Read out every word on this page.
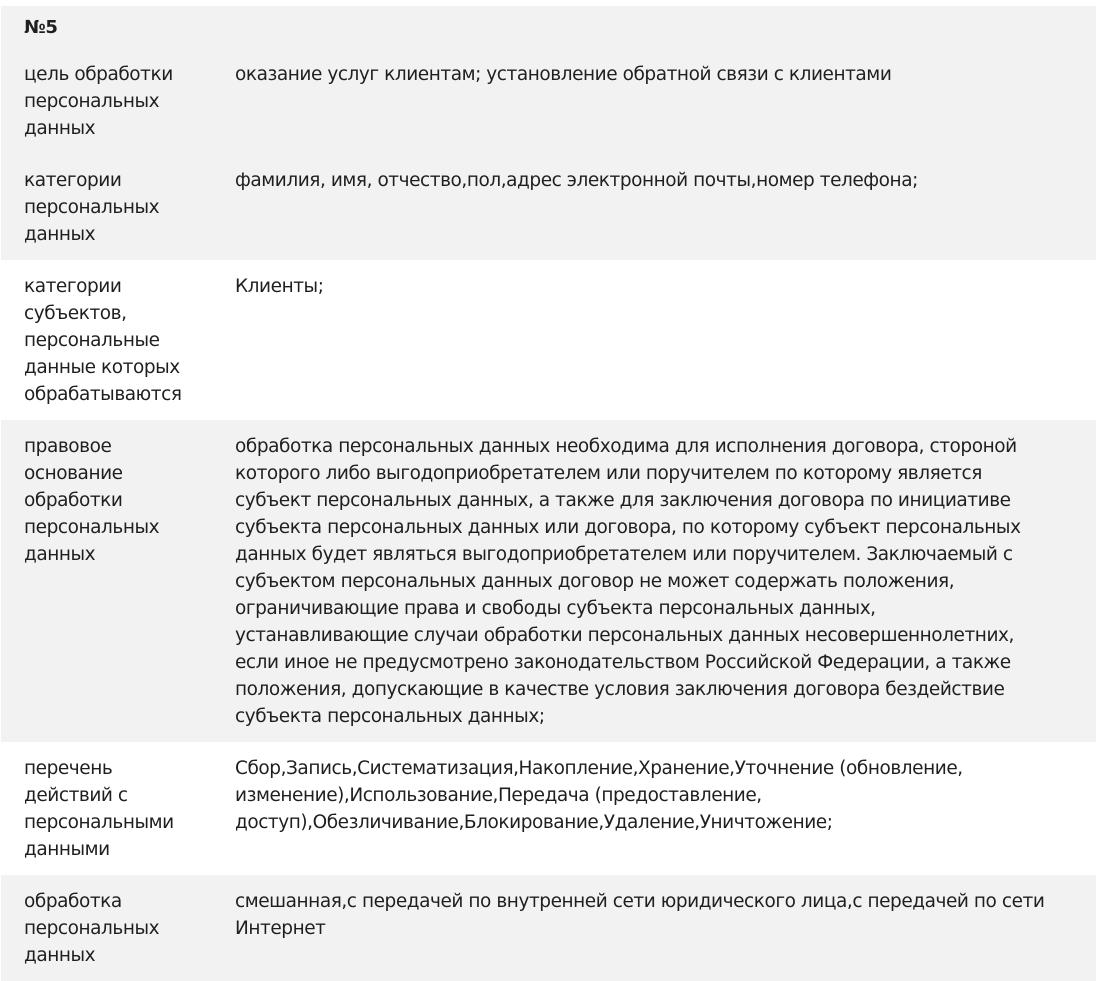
№5
цель обработки
персональных
данных
оказание услуг клиентам; установление обратной связи с клиентами
категории
персональных
данных
фамилия, имя, отчество,пол,адрес электронной почты,номер телефона;
категории
субъектов,
персональные
данные которых
обрабатываются
Клиенты;
правовое
основание
обработки
персональных
данных
обработка персональных данных необходима для исполнения договора, стороной
которого либо выгодоприобретателем или поручителем по которому является
субъект персональных данных, а также для заключения договора по инициативе
субъекта персональных данных или договора, по которому субъект персональных
данных будет являться выгодоприобретателем или поручителем. Заключаемый с
субъектом персональных данных договор не может содержать положения,
ограничивающие права и свободы субъекта персональных данных,
устанавливающие случаи обработки персональных данных несовершеннолетних,
если иное не предусмотрено законодательством Российской Федерации, а также
положения, допускающие в качестве условия заключения договора бездействие
субъекта персональных данных;
перечень
действий с
персональными
данными
Сбор,Запись,Систематизация,Накопление,Хранение,Уточнение (обновление,
изменение),Использование,Передача (предоставление,
доступ),Обезличивание,Блокирование,Удаление,Уничтожение;
обработка
персональных
данных
смешанная,с передачей по внутренней сети юридического лица,с передачей по сети
Интернет
